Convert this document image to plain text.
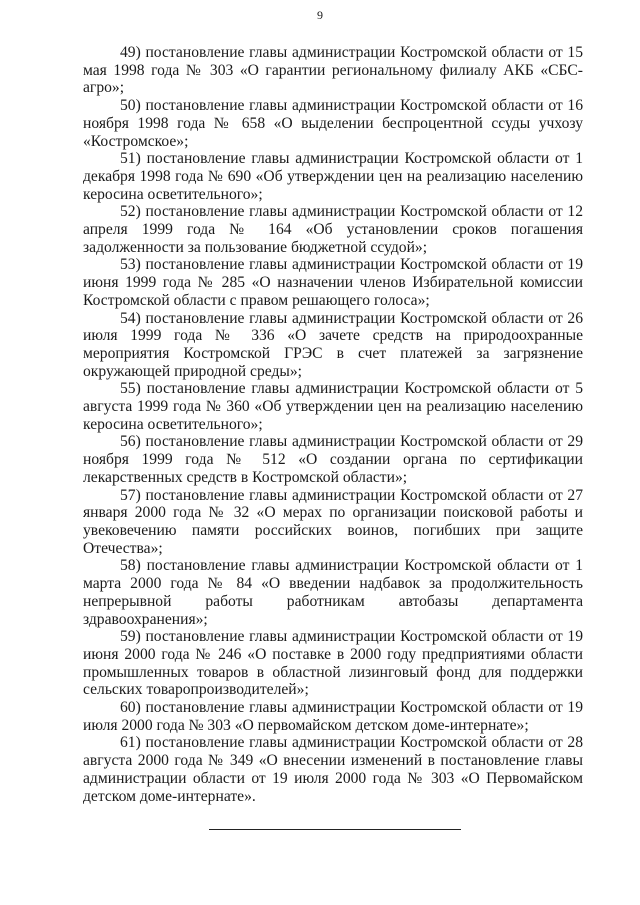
9

49) постановление главы администрации Костромской области от 15 мая 1998 года № 303 «О гарантии региональному филиалу АКБ «СБС-агро»;

50) постановление главы администрации Костромской области от 16 ноября 1998 года № 658 «О выделении беспроцентной ссуды учхозу «Костромское»;

51) постановление главы администрации Костромской области от 1 декабря 1998 года № 690 «Об утверждении цен на реализацию населению керосина осветительного»;

52) постановление главы администрации Костромской области от 12 апреля 1999 года № 164 «Об установлении сроков погашения задолженности за пользование бюджетной ссудой»;

53) постановление главы администрации Костромской области от 19 июня 1999 года № 285 «О назначении членов Избирательной комиссии Костромской области с правом решающего голоса»;

54) постановление главы администрации Костромской области от 26 июля 1999 года № 336 «О зачете средств на природоохранные мероприятия Костромской ГРЭС в счет платежей за загрязнение окружающей природной среды»;

55) постановление главы администрации Костромской области от 5 августа 1999 года № 360 «Об утверждении цен на реализацию населению керосина осветительного»;

56) постановление главы администрации Костромской области от 29 ноября 1999 года № 512 «О создании органа по сертификации лекарственных средств в Костромской области»;

57) постановление главы администрации Костромской области от 27 января 2000 года № 32 «О мерах по организации поисковой работы и увековечению памяти российских воинов, погибших при защите Отечества»;

58) постановление главы администрации Костромской области от 1 марта 2000 года № 84 «О введении надбавок за продолжительность непрерывной работы работникам автобазы департамента здравоохранения»;

59) постановление главы администрации Костромской области от 19 июня 2000 года № 246 «О поставке в 2000 году предприятиями области промышленных товаров в областной лизинговый фонд для поддержки сельских товаропроизводителей»;

60) постановление главы администрации Костромской области от 19 июля 2000 года № 303 «О первомайском детском доме-интернате»;

61) постановление главы администрации Костромской области от 28 августа 2000 года № 349 «О внесении изменений в постановление главы администрации области от 19 июля 2000 года № 303 «О Первомайском детском доме-интернате».
